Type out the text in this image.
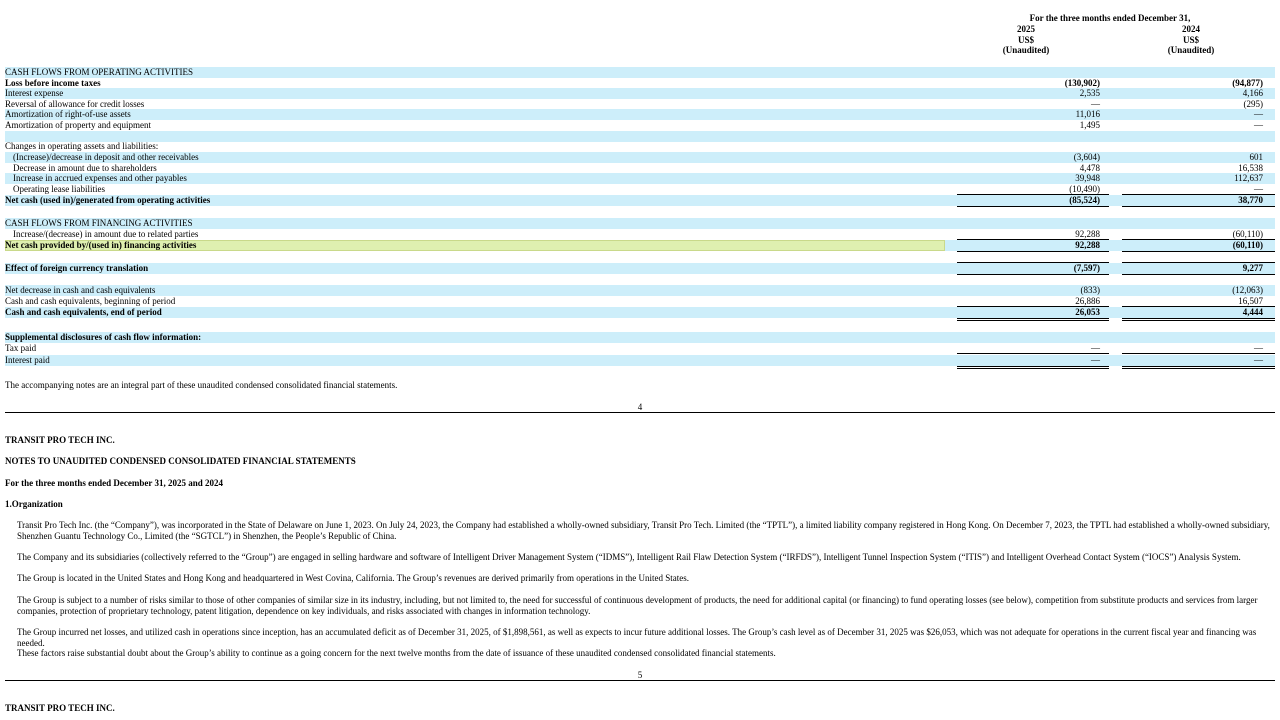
For the three months ended December 31,
2025
US$
(Unaudited)
2024
US$
(Unaudited)
CASH FLOWS FROM OPERATING ACTIVITIES
Loss before income taxes	(130,902)	(94,877)
Interest expense	2,535	4,166
Reversal of allowance for credit losses	—	(295)
Amortization of right-of-use assets	11,016	—
Amortization of property and equipment	1,495	—
Changes in operating assets and liabilities:
(Increase)/decrease in deposit and other receivables	(3,604)	601
Decrease in amount due to shareholders	4,478	16,538
Increase in accrued expenses and other payables	39,948	112,637
Operating lease liabilities	(10,490)	—
Net cash (used in)/generated from operating activities	(85,524)	38,770
CASH FLOWS FROM FINANCING ACTIVITIES
Increase/(decrease) in amount due to related parties	92,288	(60,110)
Net cash provided by/(used in) financing activities	92,288	(60,110)
Effect of foreign currency translation	(7,597)	9,277
Net decrease in cash and cash equivalents	(833)	(12,063)
Cash and cash equivalents, beginning of period	26,886	16,507
Cash and cash equivalents, end of period	26,053	4,444
Supplemental disclosures of cash flow information:
Tax paid	—	—
Interest paid	—	—
The accompanying notes are an integral part of these unaudited condensed consolidated financial statements.
4
TRANSIT PRO TECH INC.
NOTES TO UNAUDITED CONDENSED CONSOLIDATED FINANCIAL STATEMENTS
For the three months ended December 31, 2025 and 2024
1.Organization
Transit Pro Tech Inc. (the “Company”), was incorporated in the State of Delaware on June 1, 2023. On July 24, 2023, the Company had established a wholly-owned subsidiary, Transit Pro Tech. Limited (the “TPTL”), a limited liability company registered in Hong Kong. On December 7, 2023, the TPTL had established a wholly-owned subsidiary, Shenzhen Guantu Technology Co., Limited (the “SGTCL”) in Shenzhen, the People’s Republic of China.
The Company and its subsidiaries (collectively referred to the “Group”) are engaged in selling hardware and software of Intelligent Driver Management System (“IDMS”), Intelligent Rail Flaw Detection System (“IRFDS”), Intelligent Tunnel Inspection System (“ITIS”) and Intelligent Overhead Contact System (“IOCS”) Analysis System.
The Group is located in the United States and Hong Kong and headquartered in West Covina, California. The Group’s revenues are derived primarily from operations in the United States.
The Group is subject to a number of risks similar to those of other companies of similar size in its industry, including, but not limited to, the need for successful of continuous development of products, the need for additional capital (or financing) to fund operating losses (see below), competition from substitute products and services from larger companies, protection of proprietary technology, patent litigation, dependence on key individuals, and risks associated with changes in information technology.
The Group incurred net losses, and utilized cash in operations since inception, has an accumulated deficit as of December 31, 2025, of $1,898,561, as well as expects to incur future additional losses. The Group’s cash level as of December 31, 2025 was $26,053, which was not adequate for operations in the current fiscal year and financing was needed.
These factors raise substantial doubt about the Group’s ability to continue as a going concern for the next twelve months from the date of issuance of these unaudited condensed consolidated financial statements.
5
TRANSIT PRO TECH INC.
